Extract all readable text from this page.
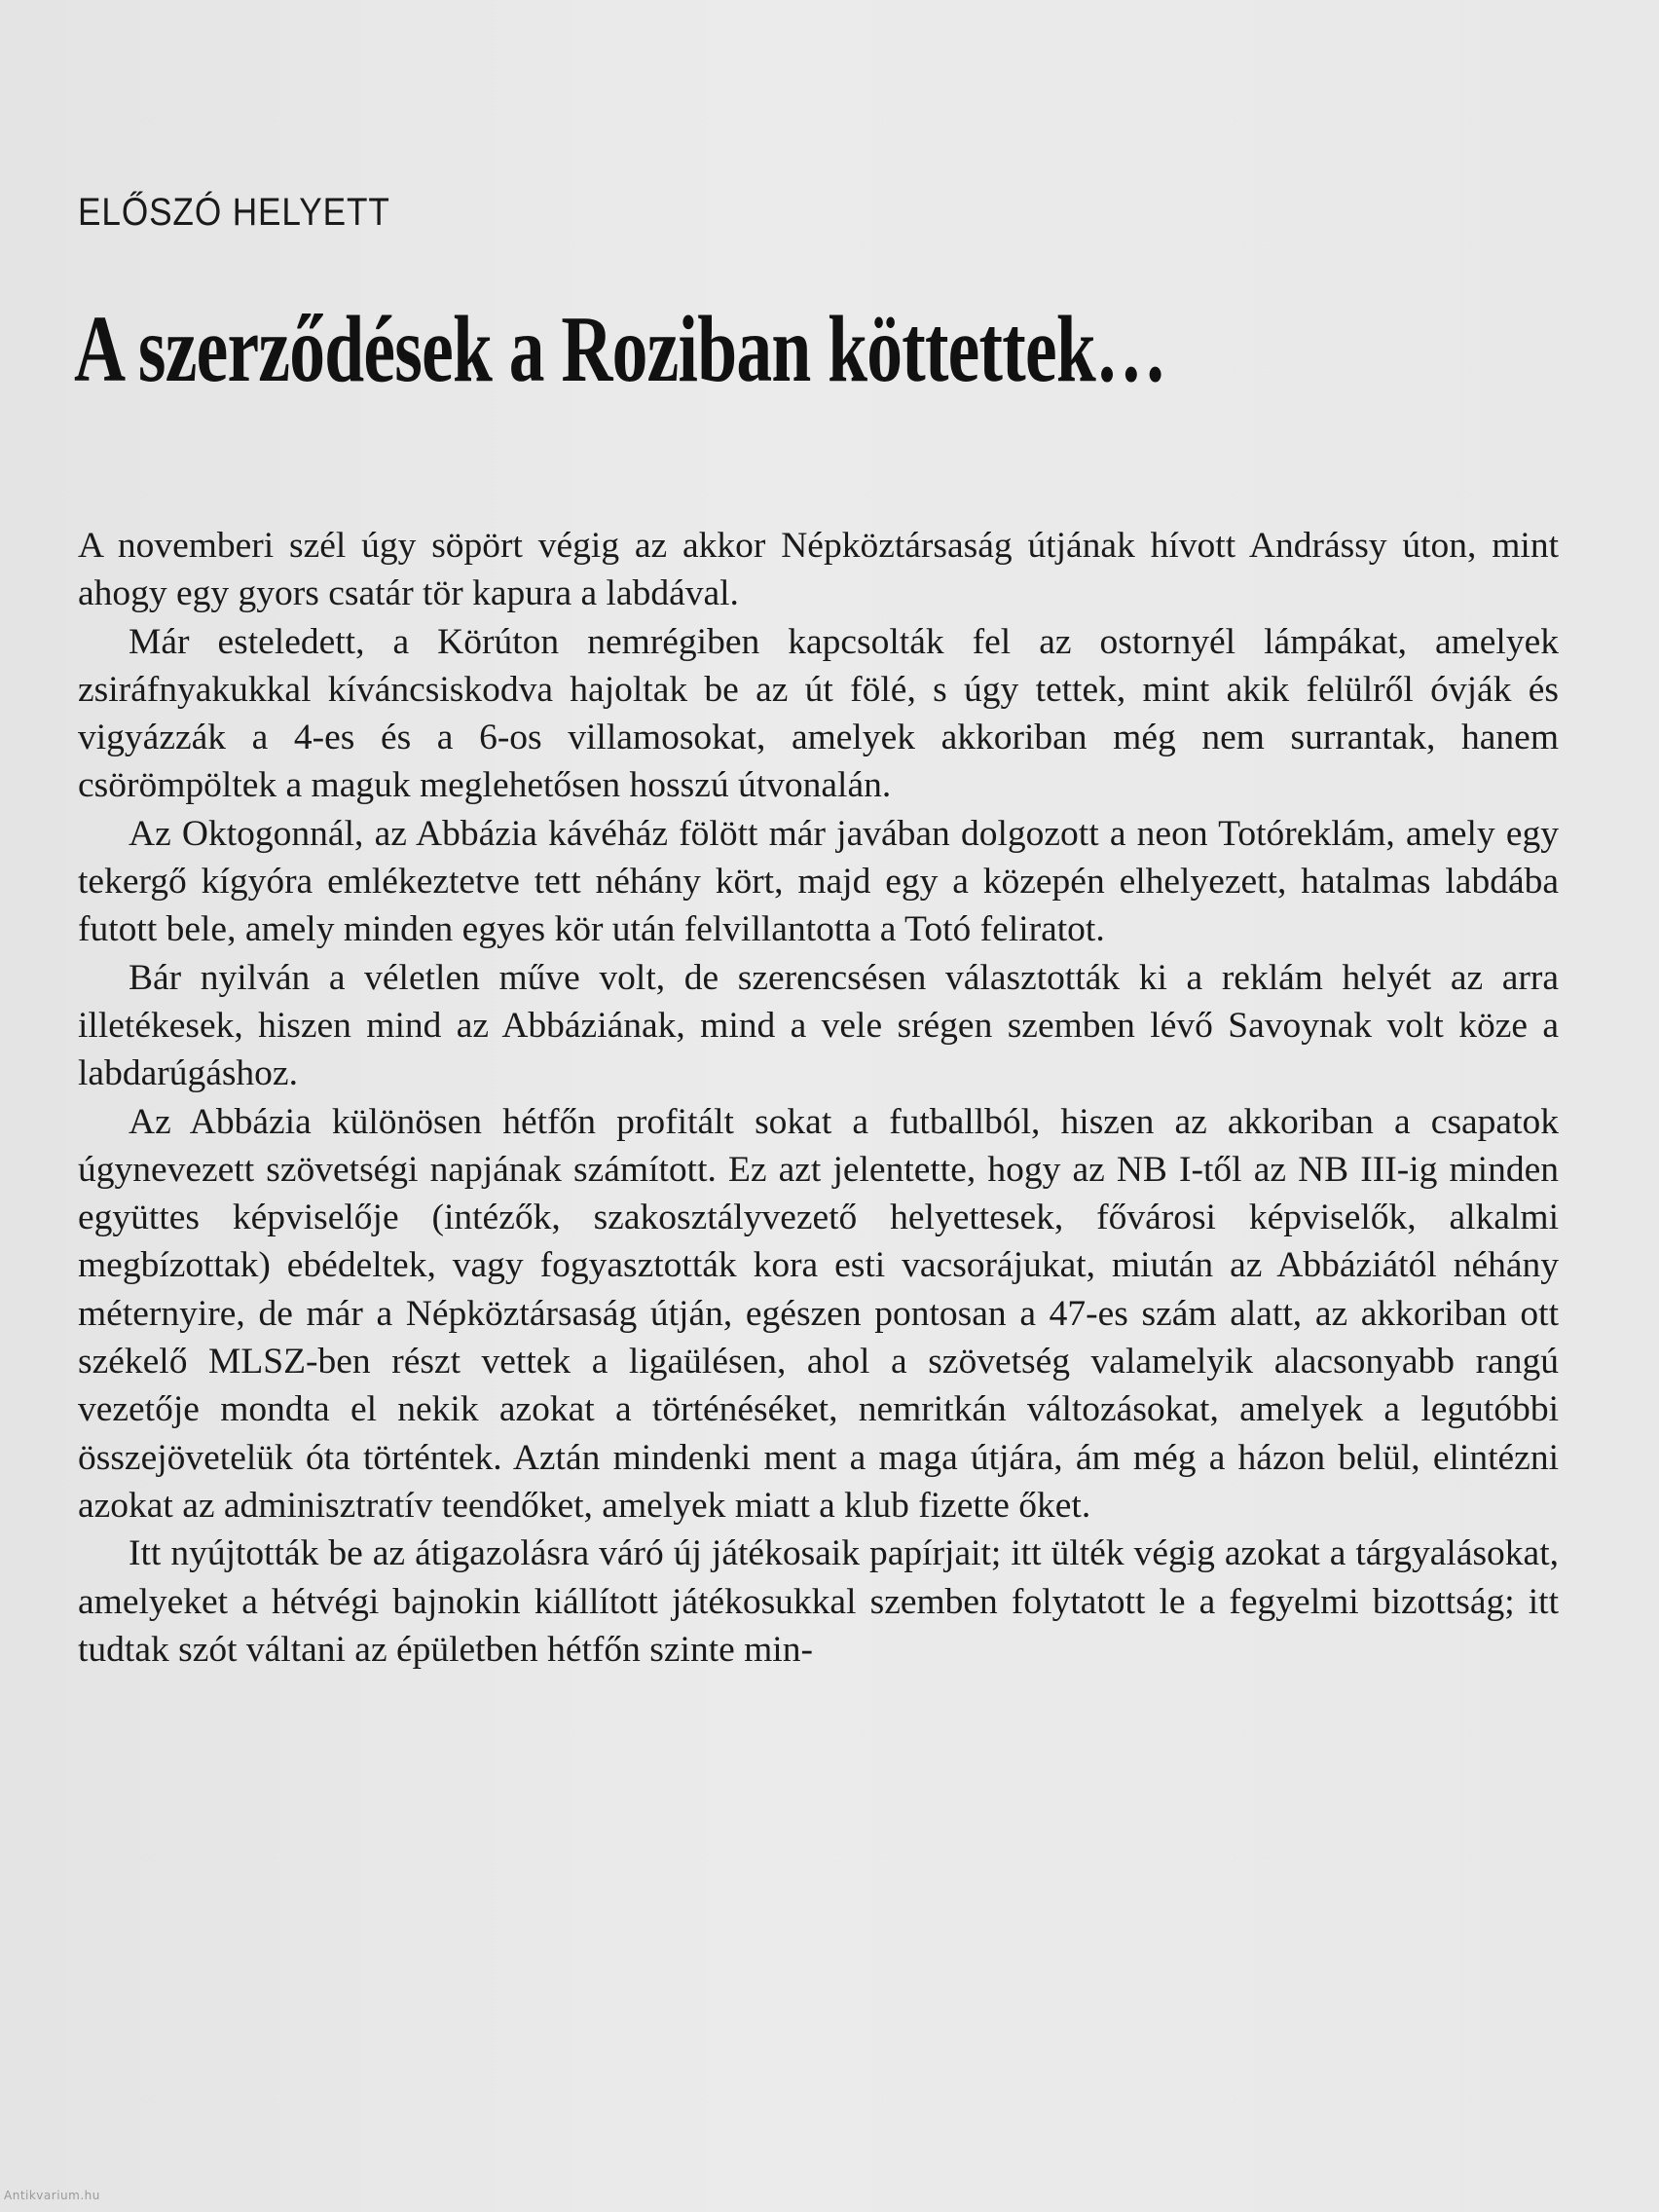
ELŐSZÓ HELYETT
A szerződések a Roziban köttettek…

A novemberi szél úgy söpört végig az akkor Népköztársaság útjának hívott Andrássy úton, mint ahogy egy gyors csatár tör kapura a labdával.

Már esteledett, a Körúton nemrégiben kapcsolták fel az ostornyél lámpákat, amelyek zsiráfnyakukkal kíváncsiskodva hajoltak be az út fölé, s úgy tettek, mint akik felülről óvják és vigyázzák a 4-es és a 6-os villamosokat, amelyek akkoriban még nem surrantak, hanem csörömpöltek a maguk meglehetősen hosszú útvonalán.

Az Oktogonnál, az Abbázia kávéház fölött már javában dolgozott a neon Totóreklám, amely egy tekergő kígyóra emlékeztetve tett néhány kört, majd egy a közepén elhelyezett, hatalmas labdába futott bele, amely minden egyes kör után felvillantotta a Totó feliratot.

Bár nyilván a véletlen műve volt, de szerencsésen választották ki a reklám helyét az arra illetékesek, hiszen mind az Abbáziának, mind a vele srégen szemben lévő Savoynak volt köze a labdarúgáshoz.

Az Abbázia különösen hétfőn profitált sokat a futballból, hiszen az akkoriban a csapatok úgynevezett szövetségi napjának számított. Ez azt jelentette, hogy az NB I-től az NB III-ig minden együttes képviselője (intézők, szakosztályvezető helyettesek, fővárosi képviselők, alkalmi megbízottak) ebédeltek, vagy fogyasztották kora esti vacsorájukat, miután az Abbáziától néhány méternyire, de már a Népköztársaság útján, egészen pontosan a 47-es szám alatt, az akkoriban ott székelő MLSZ-ben részt vettek a ligaülésen, ahol a szövetség valamelyik alacsonyabb rangú vezetője mondta el nekik azokat a történéséket, nemritkán változásokat, amelyek a legutóbbi összejövetelük óta történtek. Aztán mindenki ment a maga útjára, ám még a házon belül, elintézni azokat az adminisztratív teendőket, amelyek miatt a klub fizette őket.

Itt nyújtották be az átigazolásra váró új játékosaik papírjait; itt ülték végig azokat a tárgyalásokat, amelyeket a hétvégi bajnokin kiállított játékosukkal szemben folytatott le a fegyelmi bizottság; itt tudtak szót váltani az épületben hétfőn szinte min-

Antikvarium.hu
